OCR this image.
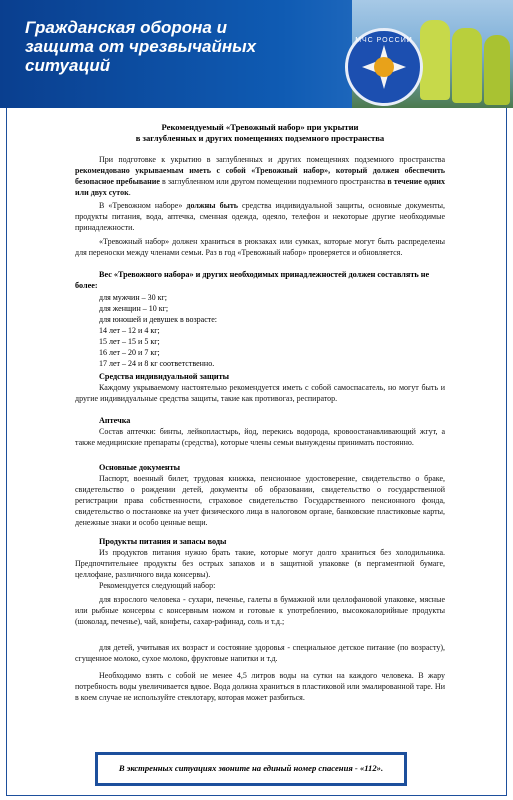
Гражданская оборона и защита от чрезвычайных ситуаций
МЧС РОССИИ
Рекомендуемый «Тревожный набор» при укрытии
в заглубленных и других помещениях подземного пространства
При подготовке к укрытию в заглубленных и других помещениях подземного пространства рекомендовано укрываемым иметь с собой «Тревожный набор», который должен обеспечить безопасное пребывание в заглубленном или другом помещении подземного пространства в течение одних или двух суток.
В «Тревожном наборе» должны быть средства индивидуальной защиты, основные документы, продукты питания, вода, аптечка, сменная одежда, одеяло, телефон и некоторые другие необходимые принадлежности.
«Тревожный набор» должен храниться в рюкзаках или сумках, которые могут быть распределены для переноски между членами семьи. Раз в год «Тревожный набор» проверяется и обновляется.
Вес «Тревожного набора» и других необходимых принадлежностей должен составлять не более:
для мужчин – 30 кг;
для женщин – 10 кг;
для юношей и девушек в возрасте:
14 лет – 12 и 4 кг;
15 лет – 15 и 5 кг;
16 лет – 20 и 7 кг;
17 лет – 24 и 8 кг соответственно.
Средства индивидуальной защиты
Каждому укрываемому настоятельно рекомендуется иметь с собой самоспасатель, но могут быть и другие индивидуальные средства защиты, такие как противогаз, респиратор.
Аптечка
Состав аптечки: бинты, лейкопластырь, йод, перекись водорода, кровоостанавливающий жгут, а также медицинские препараты (средства), которые члены семьи вынуждены принимать постоянно.
Основные документы
Паспорт, военный билет, трудовая книжка, пенсионное удостоверение, свидетельство о браке, свидетельство о рождении детей, документы об образовании, свидетельство о государственной регистрации права собственности, страховое свидетельство Государственного пенсионного фонда, свидетельство о постановке на учет физического лица в налоговом органе, банковские пластиковые карты, денежные знаки и особо ценные вещи.
Продукты питания и запасы воды
Из продуктов питания нужно брать такие, которые могут долго храниться без холодильника. Предпочтительнее продукты без острых запахов и в защитной упаковке (в пергаментной бумаге, целлофане, различного вида консервы).
Рекомендуется следующий набор:
для взрослого человека - сухари, печенье, галеты в бумажной или целлофановой упаковке, мясные или рыбные консервы с консервным ножом и готовые к употреблению, высококалорийные продукты (шоколад, печенье), чай, конфеты, сахар-рафинад, соль и т.д.;
для детей, учитывая их возраст и состояние здоровья - специальное детское питание (по возрасту), сгущенное молоко, сухое молоко, фруктовые напитки и т.д.
Необходимо взять с собой не менее 4,5 литров воды на сутки на каждого человека. В жару потребность воды увеличивается вдвое. Вода должна храниться в пластиковой или эмалированной таре. Ни в коем случае не используйте стеклотару, которая может разбиться.
В экстренных ситуациях звоните на единый номер спасения - «112».
